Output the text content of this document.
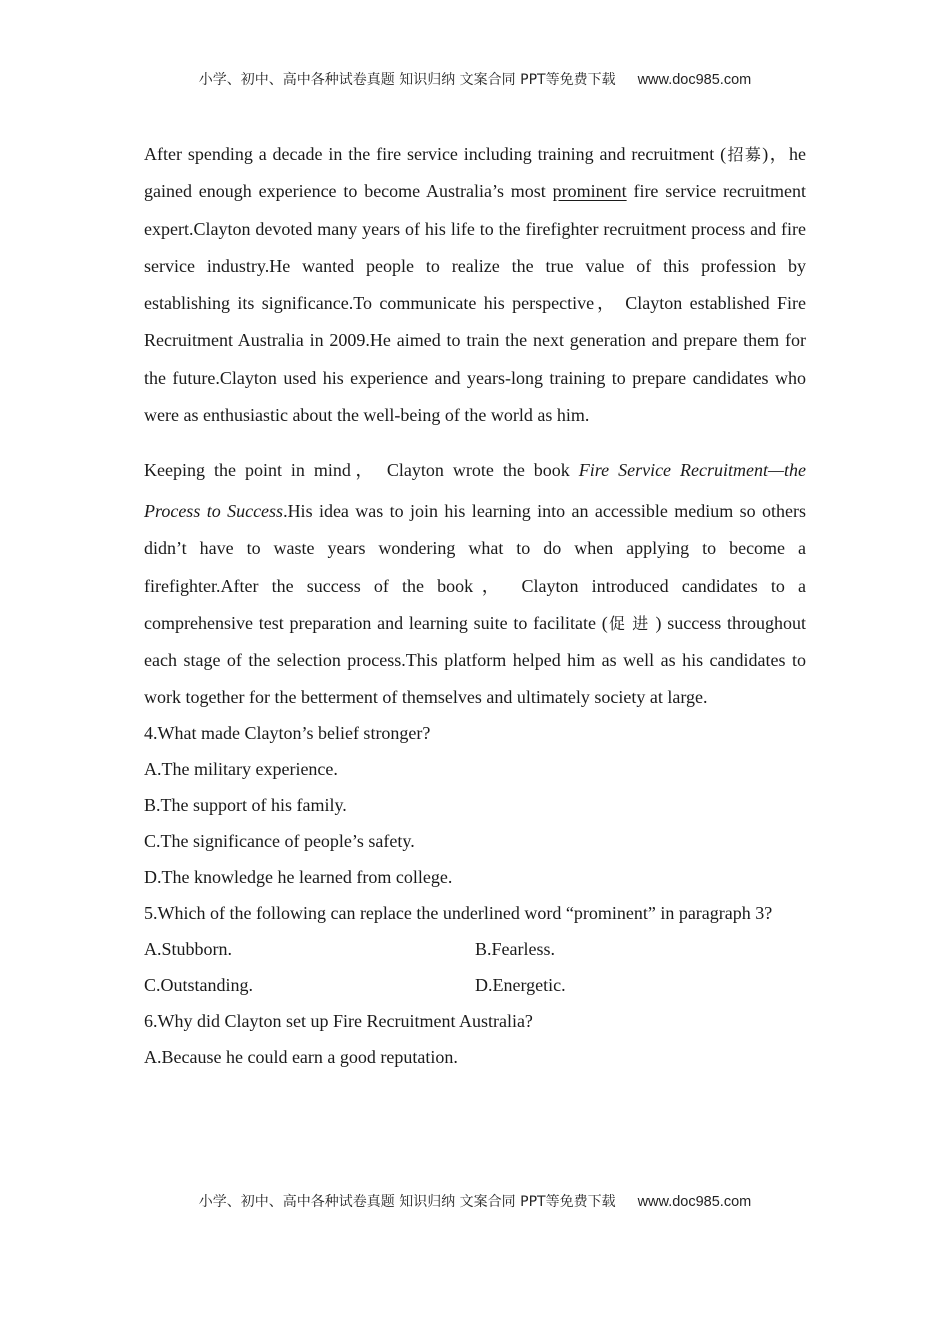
小学、初中、高中各种试卷真题 知识归纳 文案合同 PPT等免费下载 www.doc985.com

After spending a decade in the fire service including training and recruitment (招募)，he gained enough experience to become Australia’s most prominent fire service recruitment expert.Clayton devoted many years of his life to the firefighter recruitment process and fire service industry.He wanted people to realize the true value of this profession by establishing its significance.To communicate his perspective， Clayton established Fire Recruitment Australia in 2009.He aimed to train the next generation and prepare them for the future.Clayton used his experience and years-long training to prepare candidates who were as enthusiastic about the well-being of the world as him.

Keeping the point in mind， Clayton wrote the book Fire Service Recruitment—the

Process to Success.His idea was to join his learning into an accessible medium so others didn’t have to waste years wondering what to do when applying to become a firefighter.After the success of the book， Clayton introduced candidates to a comprehensive test preparation and learning suite to facilitate (促进) success throughout each stage of the selection process.This platform helped him as well as his candidates to work together for the betterment of themselves and ultimately society at large.

4.What made Clayton’s belief stronger?

A.The military experience.

B.The support of his family.

C.The significance of people’s safety.

D.The knowledge he learned from college.

5.Which of the following can replace the underlined word “prominent” in paragraph 3?

A.Stubborn.	B.Fearless.
C.Outstanding.	D.Energetic.

6.Why did Clayton set up Fire Recruitment Australia?

A.Because he could earn a good reputation.

小学、初中、高中各种试卷真题 知识归纳 文案合同 PPT等免费下载 www.doc985.com
